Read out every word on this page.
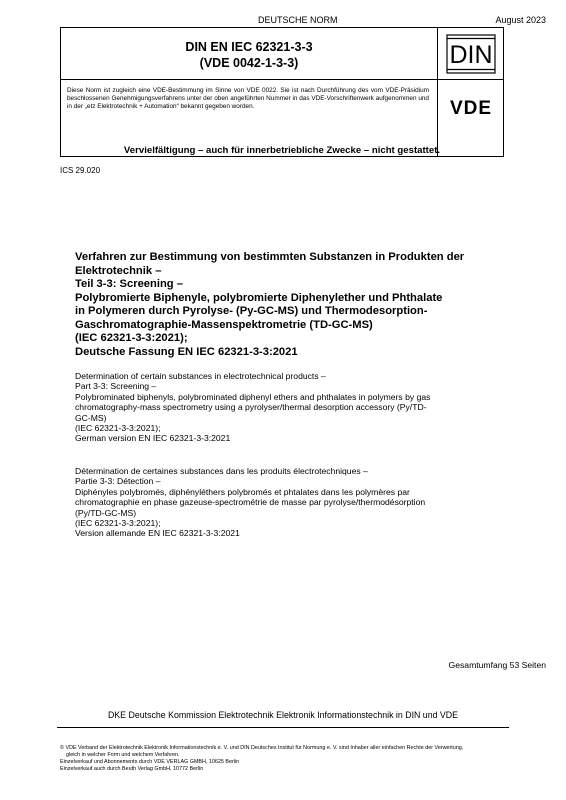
DEUTSCHE NORM	August 2023
DIN EN IEC 62321-3-3
(VDE 0042-1-3-3)	DIN
Diese Norm ist zugleich eine VDE-Bestimmung im Sinne von VDE 0022. Sie ist nach Durchführung des vom VDE-Präsidium beschlossenen Genehmigungsverfahrens unter der oben angeführten Nummer in das VDE-Vorschriftenwerk aufgenommen und in der „etz Elektrotechnik + Automation“ bekannt gegeben worden.	VDE
Vervielfältigung – auch für innerbetriebliche Zwecke – nicht gestattet.
ICS 29.020
Verfahren zur Bestimmung von bestimmten Substanzen in Produkten der
Elektrotechnik –
Teil 3-3: Screening –
Polybromierte Biphenyle, polybromierte Diphenylether und Phthalate
in Polymeren durch Pyrolyse- (Py-GC-MS) und Thermodesorption-
Gaschromatographie-Massenspektrometrie (TD-GC-MS)
(IEC 62321-3-3:2021);
Deutsche Fassung EN IEC 62321-3-3:2021
Determination of certain substances in electrotechnical products –
Part 3-3: Screening –
Polybrominated biphenyls, polybrominated diphenyl ethers and phthalates in polymers by gas
chromatography-mass spectrometry using a pyrolyser/thermal desorption accessory (Py/TD-
GC-MS)
(IEC 62321-3-3:2021);
German version EN IEC 62321-3-3:2021
Détermination de certaines substances dans les produits électrotechniques –
Partie 3-3: Détection –
Diphényles polybromés, diphényléthers polybromés et phtalates dans les polymères par
chromatographie en phase gazeuse-spectrométrie de masse par pyrolyse/thermodésorption
(Py/TD-GC-MS)
(IEC 62321-3-3:2021);
Version allemande EN IEC 62321-3-3:2021
Gesamtumfang 53 Seiten
DKE Deutsche Kommission Elektrotechnik Elektronik Informationstechnik in DIN und VDE
© VDE Verband der Elektrotechnik Elektronik Informationstechnik e. V. und DIN Deutsches Institut für Normung e. V. sind Inhaber aller einfachen Rechte der Verwertung,
gleich in welcher Form und welchem Verfahren.
Einzelverkauf und Abonnements durch VDE VERLAG GMBH, 10625 Berlin
Einzelverkauf auch durch Beuth Verlag GmbH, 10772 Berlin
